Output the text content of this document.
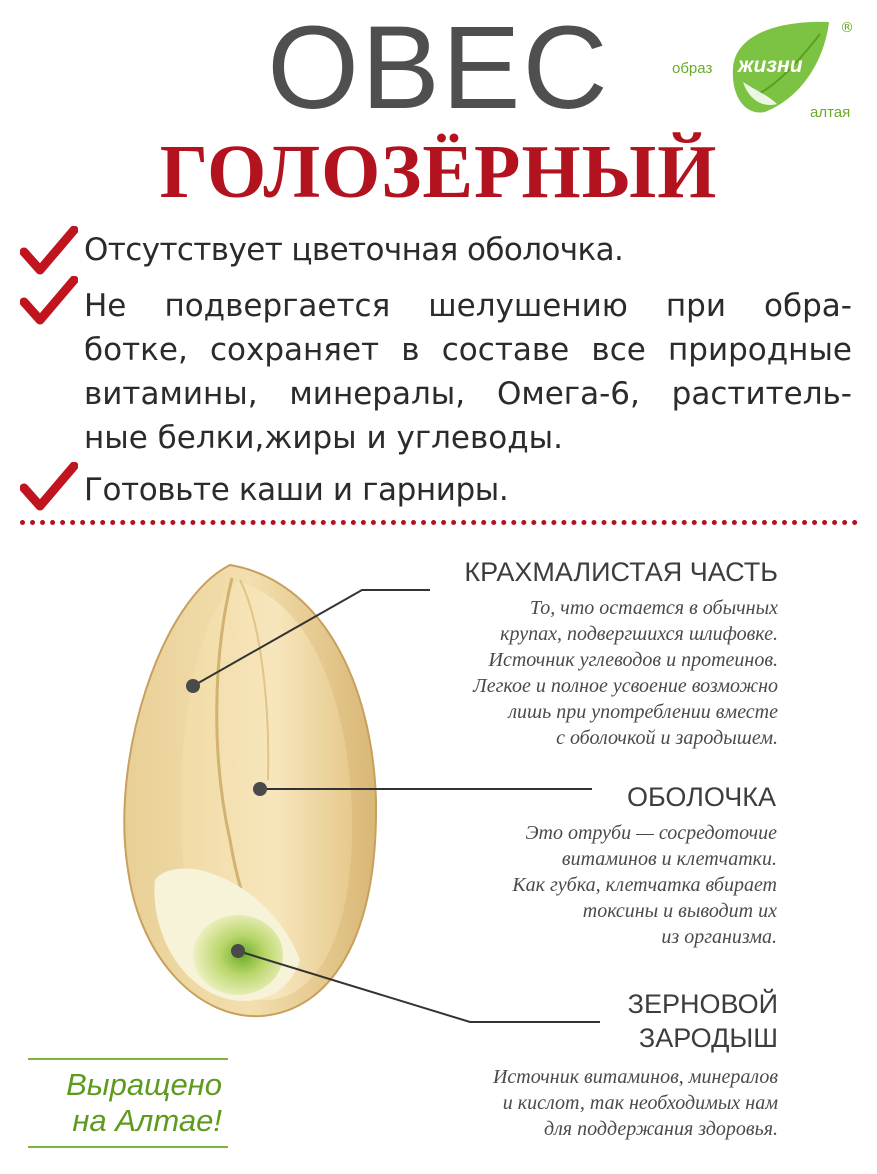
ОВЕС
ГОЛОЗЁРНЫЙ
образ жизни
алтая
®
Отсутствует цветочная оболочка.
Не подвергается шелушению при обра-
ботке, сохраняет в составе все природные
витамины, минералы, Омега-6, раститель-
ные белки,жиры и углеводы.
Готовьте каши и гарниры.
КРАХМАЛИСТАЯ ЧАСТЬ
То, что остается в обычных
крупах, подвергшихся шлифовке.
Источник углеводов и протеинов.
Легкое и полное усвоение возможно
лишь при употреблении вместе
с оболочкой и зародышем.
ОБОЛОЧКА
Это отруби — сосредоточие
витаминов и клетчатки.
Как губка, клетчатка вбирает
токсины и выводит их
из организма.
ЗЕРНОВОЙ
ЗАРОДЫШ
Источник витаминов, минералов
и кислот, так необходимых нам
для поддержания здоровья.
Выращено
на Алтае!
